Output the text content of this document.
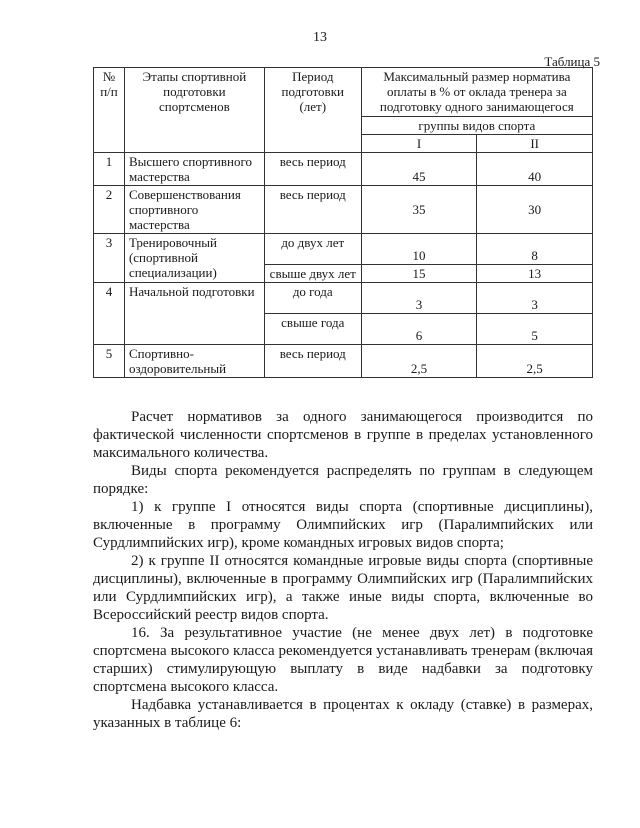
13
Таблица 5
№ п/п	Этапы спортивной подготовки спортсменов	Период подготовки (лет)	Максимальный размер норматива оплаты в % от оклада тренера за подготовку одного занимающегося	
			группы видов спорта	
			I	II
1	Высшего спортивного мастерства	весь период	45	40
2	Совершенствования спортивного мастерства	весь период	35	30
3	Тренировочный (спортивной специализации)	до двух лет	10	8
		свыше двух лет	15	13
4	Начальной подготовки	до года	3	3
		свыше года	6	5
5	Спортивно-оздоровительный	весь период	2,5	2,5

Расчет нормативов за одного занимающегося производится по фактической численности спортсменов в группе в пределах установленного максимального количества.

Виды спорта рекомендуется распределять по группам в следующем порядке:

1) к группе I относятся виды спорта (спортивные дисциплины), включенные в программу Олимпийских игр (Паралимпийских или Сурдлимпийских игр), кроме командных игровых видов спорта;

2) к группе II относятся командные игровые виды спорта (спортивные дисциплины), включенные в программу Олимпийских игр (Паралимпийских или Сурдлимпийских игр), а также иные виды спорта, включенные во Всероссийский реестр видов спорта.

16. За результативное участие (не менее двух лет) в подготовке спортсмена высокого класса рекомендуется устанавливать тренерам (включая старших) стимулирующую выплату в виде надбавки за подготовку спортсмена высокого класса.

Надбавка устанавливается в процентах к окладу (ставке) в размерах, указанных в таблице 6:
